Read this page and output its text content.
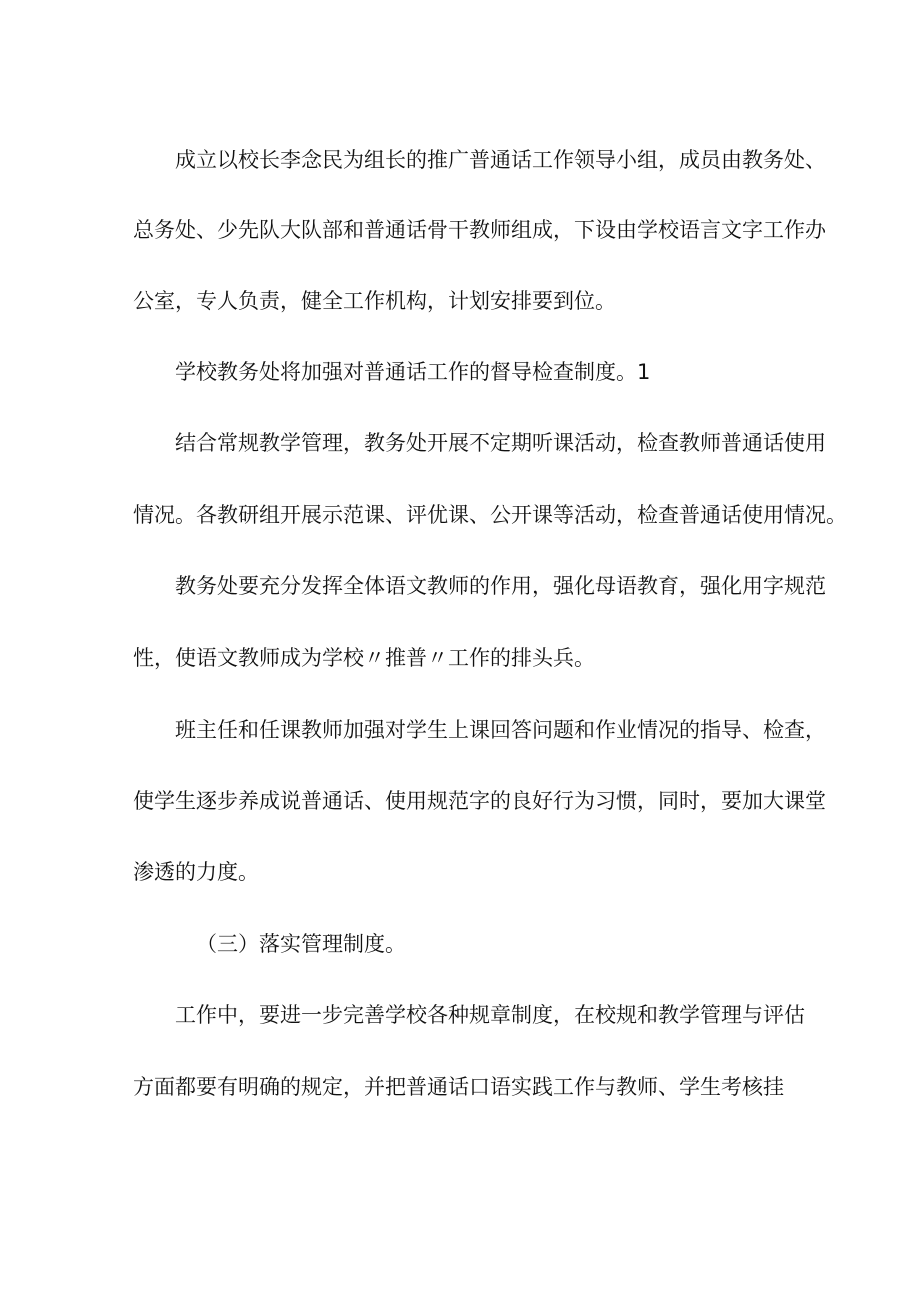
成立以校长李念民为组长的推广普通话工作领导小组，成员由教务处、
总务处、少先队大队部和普通话骨干教师组成，下设由学校语言文字工作办
公室，专人负责，健全工作机构，计划安排要到位。
学校教务处将加强对普通话工作的督导检查制度。1
结合常规教学管理，教务处开展不定期听课活动，检查教师普通话使用
情况。各教研组开展示范课、评优课、公开课等活动，检查普通话使用情况。
教务处要充分发挥全体语文教师的作用，强化母语教育，强化用字规范
性，使语文教师成为学校〃推普〃工作的排头兵。
班主任和任课教师加强对学生上课回答问题和作业情况的指导、检查，
使学生逐步养成说普通话、使用规范字的良好行为习惯，同时，要加大课堂
渗透的力度。
（三）落实管理制度。
工作中，要进一步完善学校各种规章制度，在校规和教学管理与评估
方面都要有明确的规定，并把普通话口语实践工作与教师、学生考核挂
